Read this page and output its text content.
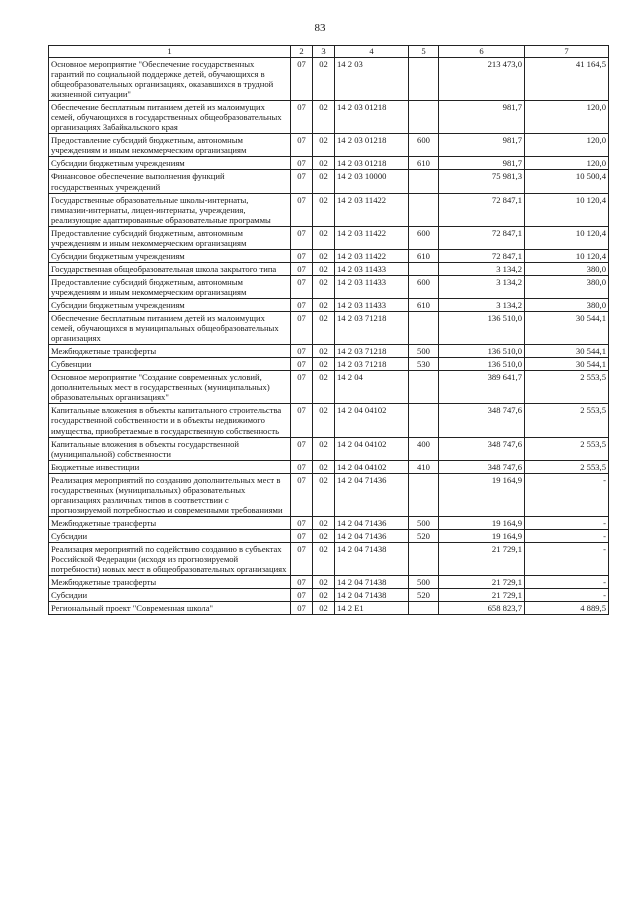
83
1	2	3	4	5	6	7
Основное мероприятие "Обеспечение государственных гарантий по социальной поддержке детей, обучающихся в общеобразовательных организациях, оказавшихся в трудной жизненной ситуации"	07	02	14 2 03		213 473,0	41 164,5
Обеспечение бесплатным питанием детей из малоимущих семей, обучающихся в государственных общеобразовательных организациях Забайкальского края	07	02	14 2 03 01218		981,7	120,0
Предоставление субсидий бюджетным, автономным учреждениям и иным некоммерческим организациям	07	02	14 2 03 01218	600	981,7	120,0
Субсидии бюджетным учреждениям	07	02	14 2 03 01218	610	981,7	120,0
Финансовое обеспечение выполнения функций государственных учреждений	07	02	14 2 03 10000		75 981,3	10 500,4
Государственные образовательные школы-интернаты, гимназии-интернаты, лицеи-интернаты, учреждения, реализующие адаптированные образовательные программы	07	02	14 2 03 11422		72 847,1	10 120,4
Предоставление субсидий бюджетным, автономным учреждениям и иным некоммерческим организациям	07	02	14 2 03 11422	600	72 847,1	10 120,4
Субсидии бюджетным учреждениям	07	02	14 2 03 11422	610	72 847,1	10 120,4
Государственная общеобразовательная школа закрытого типа	07	02	14 2 03 11433		3 134,2	380,0
Предоставление субсидий бюджетным, автономным учреждениям и иным некоммерческим организациям	07	02	14 2 03 11433	600	3 134,2	380,0
Субсидии бюджетным учреждениям	07	02	14 2 03 11433	610	3 134,2	380,0
Обеспечение бесплатным питанием детей из малоимущих семей, обучающихся в муниципальных общеобразовательных организациях	07	02	14 2 03 71218		136 510,0	30 544,1
Межбюджетные трансферты	07	02	14 2 03 71218	500	136 510,0	30 544,1
Субвенции	07	02	14 2 03 71218	530	136 510,0	30 544,1
Основное мероприятие "Создание современных условий, дополнительных мест в государственных (муниципальных) образовательных организациях"	07	02	14 2 04		389 641,7	2 553,5
Капитальные вложения в объекты капитального строительства государственной собственности и в объекты недвижимого имущества, приобретаемые в государственную собственность	07	02	14 2 04 04102		348 747,6	2 553,5
Капитальные вложения в объекты государственной (муниципальной) собственности	07	02	14 2 04 04102	400	348 747,6	2 553,5
Бюджетные инвестиции	07	02	14 2 04 04102	410	348 747,6	2 553,5
Реализация мероприятий по созданию дополнительных мест в государственных (муниципальных) образовательных организациях различных типов в соответствии с прогнозируемой потребностью и современными требованиями	07	02	14 2 04 71436		19 164,9	-
Межбюджетные трансферты	07	02	14 2 04 71436	500	19 164,9	-
Субсидии	07	02	14 2 04 71436	520	19 164,9	-
Реализация мероприятий по содействию созданию в субъектах Российской Федерации (исходя из прогнозируемой потребности) новых мест в общеобразовательных организациях	07	02	14 2 04 71438		21 729,1	-
Межбюджетные трансферты	07	02	14 2 04 71438	500	21 729,1	-
Субсидии	07	02	14 2 04 71438	520	21 729,1	-
Региональный проект "Современная школа"	07	02	14 2 E1		658 823,7	4 889,5
